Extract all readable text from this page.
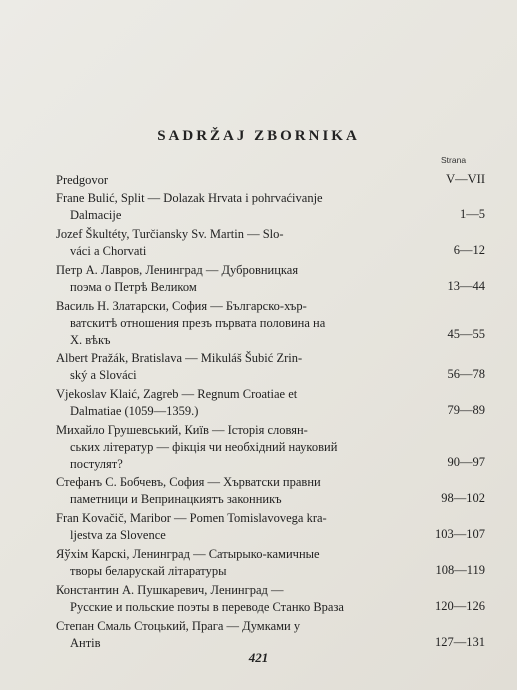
SADRŽAJ ZBORNIKA
Strana
Predgovor	V—VII
Frane Bulić, Split — Dolazak Hrvata i pohrvaćivanje
Dalmacije	1—5
Jozef Škultéty, Turčiansky Sv. Martin — Slo-
váci a Chorvati	6—12
Петр А. Лавров, Ленинград — Дубровницкая
поэма о Петрѣ Великом	13—44
Василь Н. Златарски, София — Българско-хър-
ватскитѣ отношения презъ първата половина на
X. вѣкъ	45—55
Albert Pražák, Bratislava — Mikuláš Šubić Zrin-
ský a Slováci	56—78
Vjekoslav Klaić, Zagreb — Regnum Croatiae et
Dalmatiae (1059—1359.)	79—89
Михайло Грушевський, Київ — Історія словян-
ських літератур — фікція чи необхідний науковий
постулят?	90—97
Стефанъ С. Бобчевъ, София — Хърватски правни
паметници и Вепринацкиятъ законникъ	98—102
Fran Kovačič, Maribor — Pomen Tomislavovega kra-
ljestva za Slovence	103—107
Яўхім Карскі, Ленинград — Сатырыко-камичные
творы беларускай літаратуры	108—119
Константин А. Пушкаревич, Ленинград —
Русские и польские поэты в переводе Станко Враза	120—126
Степан Смаль Стоцький, Прага — Думками у
Антів	127—131
421
